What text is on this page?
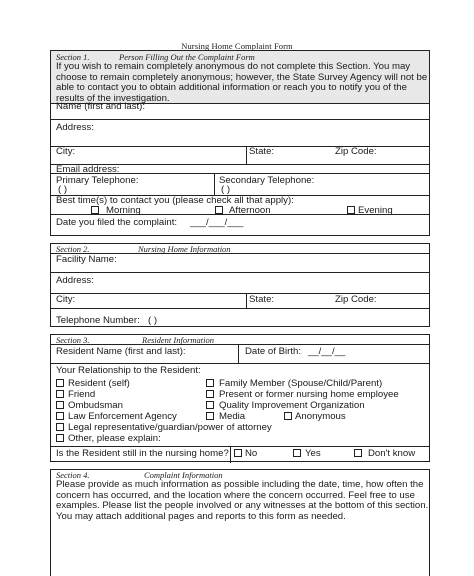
Nursing Home Complaint Form
Section 1.	Person Filling Out the Complaint Form
If you wish to remain completely anonymous do not complete this Section. You may
choose to remain completely anonymous; however, the State Survey Agency will not be
able to contact you to obtain additional information or reach you to notify you of the
results of the investigation.
Name (first and last):
Address:
City:	State:	Zip Code:
Email address:
Primary Telephone:
( )
Secondary Telephone:
( )
Best time(s) to contact you (please check all that apply):
Morning	Afternoon	Evening
Date you filed the complaint: ___/___/___
Section 2.	Nursing Home Information
Facility Name:
Address:
City:	State:	Zip Code:
Telephone Number: ( )
Section 3.	Resident Information
Resident Name (first and last):	Date of Birth: __/__/__
Your Relationship to the Resident:
Resident (self)
Friend
Ombudsman
Law Enforcement Agency
Legal representative/guardian/power of attorney
Other, please explain:
Family Member (Spouse/Child/Parent)
Present or former nursing home employee
Quality Improvement Organization
Media	Anonymous
Is the Resident still in the nursing home? No	Yes	Don't know
Section 4.	Complaint Information
Please provide as much information as possible including the date, time, how often the
concern has occurred, and the location where the concern occurred. Feel free to use
examples. Please list the people involved or any witnesses at the bottom of this section.
You may attach additional pages and reports to this form as needed.
